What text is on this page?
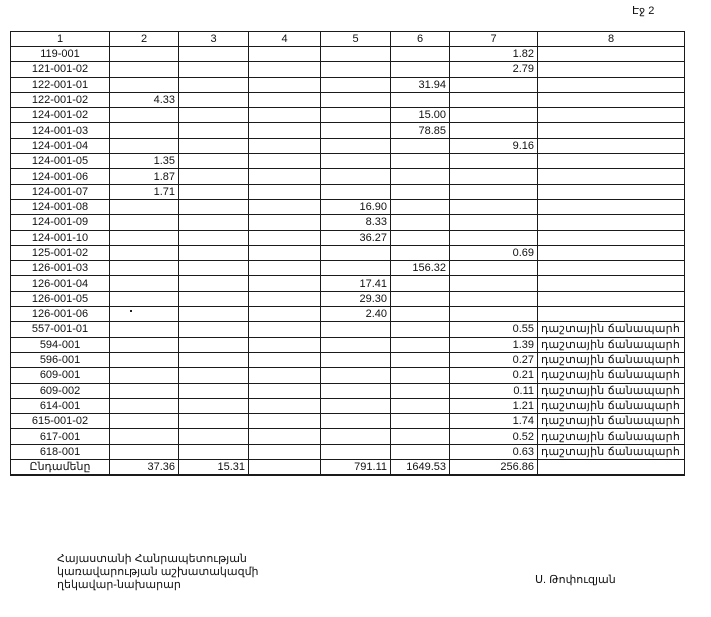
Էջ 2
1	2	3	4	5	6	7	8
119-001						1.82	
121-001-02						2.79	
122-001-01					31.94		
122-001-02	4.33						
124-001-02					15.00		
124-001-03					78.85		
124-001-04						9.16	
124-001-05	1.35						
124-001-06	1.87						
124-001-07	1.71						
124-001-08				16.90			
124-001-09				8.33			
124-001-10				36.27			
125-001-02						0.69	
126-001-03					156.32		
126-001-04				17.41			
126-001-05				29.30			
126-001-06				2.40			
557-001-01						0.55	դաշտային ճանապարհ
594-001						1.39	դաշտային ճանապարհ
596-001						0.27	դաշտային ճանապարհ
609-001						0.21	դաշտային ճանապարհ
609-002						0.11	դաշտային ճանապարհ
614-001						1.21	դաշտային ճանապարհ
615-001-02						1.74	դաշտային ճանապարհ
617-001						0.52	դաշտային ճանապարհ
618-001						0.63	դաշտային ճանապարհ
Ընդամենը	37.36	15.31		791.11	1649.53	256.86	
Հայաստանի Հանրապետության
կառավարության աշխատակազմի
ղեկավար-նախարար	Ս. Թոփուզյան
